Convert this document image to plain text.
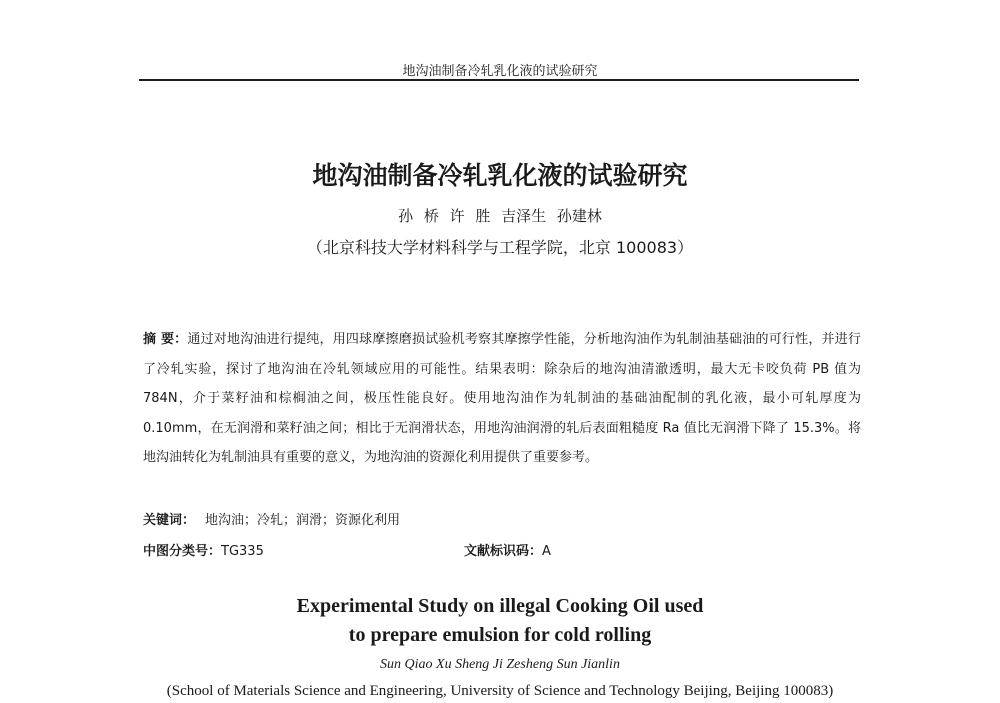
地沟油制备冷轧乳化液的试验研究
地沟油制备冷轧乳化液的试验研究
孙 桥 许 胜 吉泽生 孙建林
（北京科技大学材料科学与工程学院，北京 100083）
摘 要：通过对地沟油进行提纯，用四球摩擦磨损试验机考察其摩擦学性能，分析地沟油作为轧制油基础油的可行性，并进行了冷轧实验，探讨了地沟油在冷轧领域应用的可能性。结果表明：除杂后的地沟油清澈透明，最大无卡咬负荷 PB 值为 784N，介于菜籽油和棕榈油之间，极压性能良好。使用地沟油作为轧制油的基础油配制的乳化液，最小可轧厚度为 0.10mm，在无润滑和菜籽油之间；相比于无润滑状态，用地沟油润滑的轧后表面粗糙度 Ra 值比无润滑下降了 15.3%。将地沟油转化为轧制油具有重要的意义，为地沟油的资源化利用提供了重要参考。
关键词： 地沟油；冷轧；润滑；资源化利用
中图分类号：TG335	文献标识码：A
Experimental Study on illegal Cooking Oil used
to prepare emulsion for cold rolling
Sun Qiao Xu Sheng Ji Zesheng Sun Jianlin
(School of Materials Science and Engineering, University of Science and Technology Beijing, Beijing 100083)
